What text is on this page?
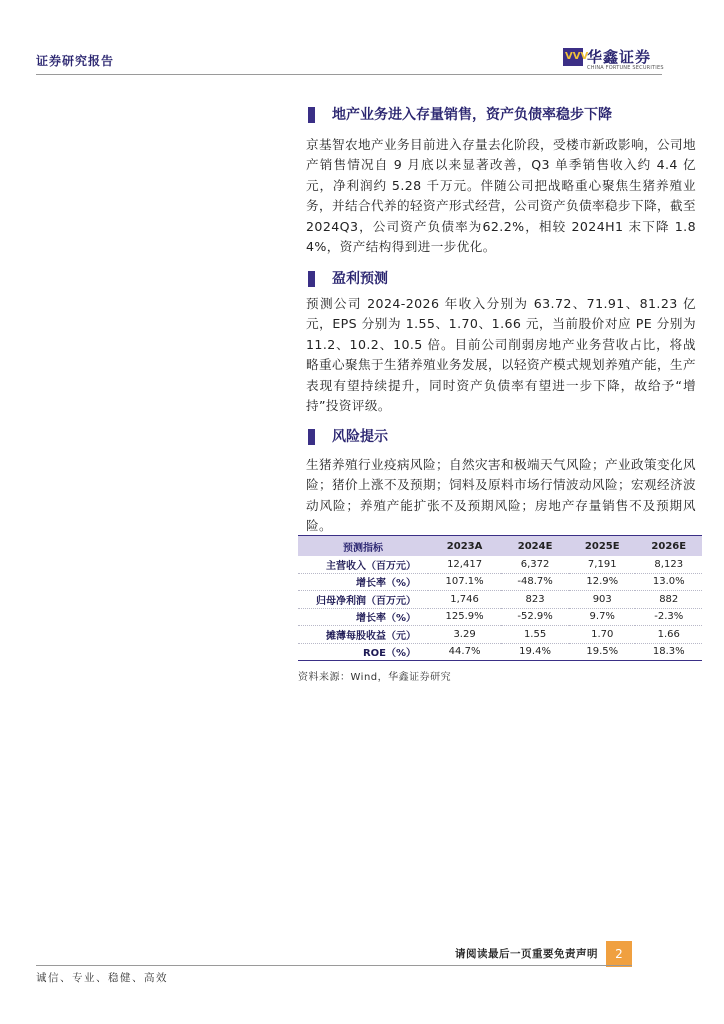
证券研究报告	VVV
华鑫证券
CHINA FORTUNE SECURITIES
地产业务进入存量销售，资产负债率稳步下降
京基智农地产业务目前进入存量去化阶段，受楼市新政影响，公司地产销售情况自 9 月底以来显著改善，Q3 单季销售收入约 4.4 亿元，净利润约 5.28 千万元。伴随公司把战略重心聚焦生猪养殖业务，并结合代养的轻资产形式经营，公司资产负债率稳步下降，截至 2024Q3，公司资产负债率为62.2%，相较 2024H1 末下降 1.84%，资产结构得到进一步优化。
盈利预测
预测公司 2024-2026 年收入分别为 63.72、71.91、81.23 亿元，EPS 分别为 1.55、1.70、1.66 元，当前股价对应 PE 分别为 11.2、10.2、10.5 倍。目前公司削弱房地产业务营收占比，将战略重心聚焦于生猪养殖业务发展，以轻资产模式规划养殖产能，生产表现有望持续提升，同时资产负债率有望进一步下降，故给予“增持”投资评级。
风险提示
生猪养殖行业疫病风险；自然灾害和极端天气风险；产业政策变化风险；猪价上涨不及预期；饲料及原料市场行情波动风险；宏观经济波动风险；养殖产能扩张不及预期风险；房地产存量销售不及预期风险。
预测指标	2023A	2024E	2025E	2026E
主营收入（百万元）	12,417	6,372	7,191	8,123
增长率（%）	107.1%	-48.7%	12.9%	13.0%
归母净利润（百万元）	1,746	823	903	882
增长率（%）	125.9%	-52.9%	9.7%	-2.3%
摊薄每股收益（元）	3.29	1.55	1.70	1.66
ROE（%）	44.7%	19.4%	19.5%	18.3%
资料来源：Wind，华鑫证券研究
请阅读最后一页重要免责声明	2
诚信、专业、稳健、高效
